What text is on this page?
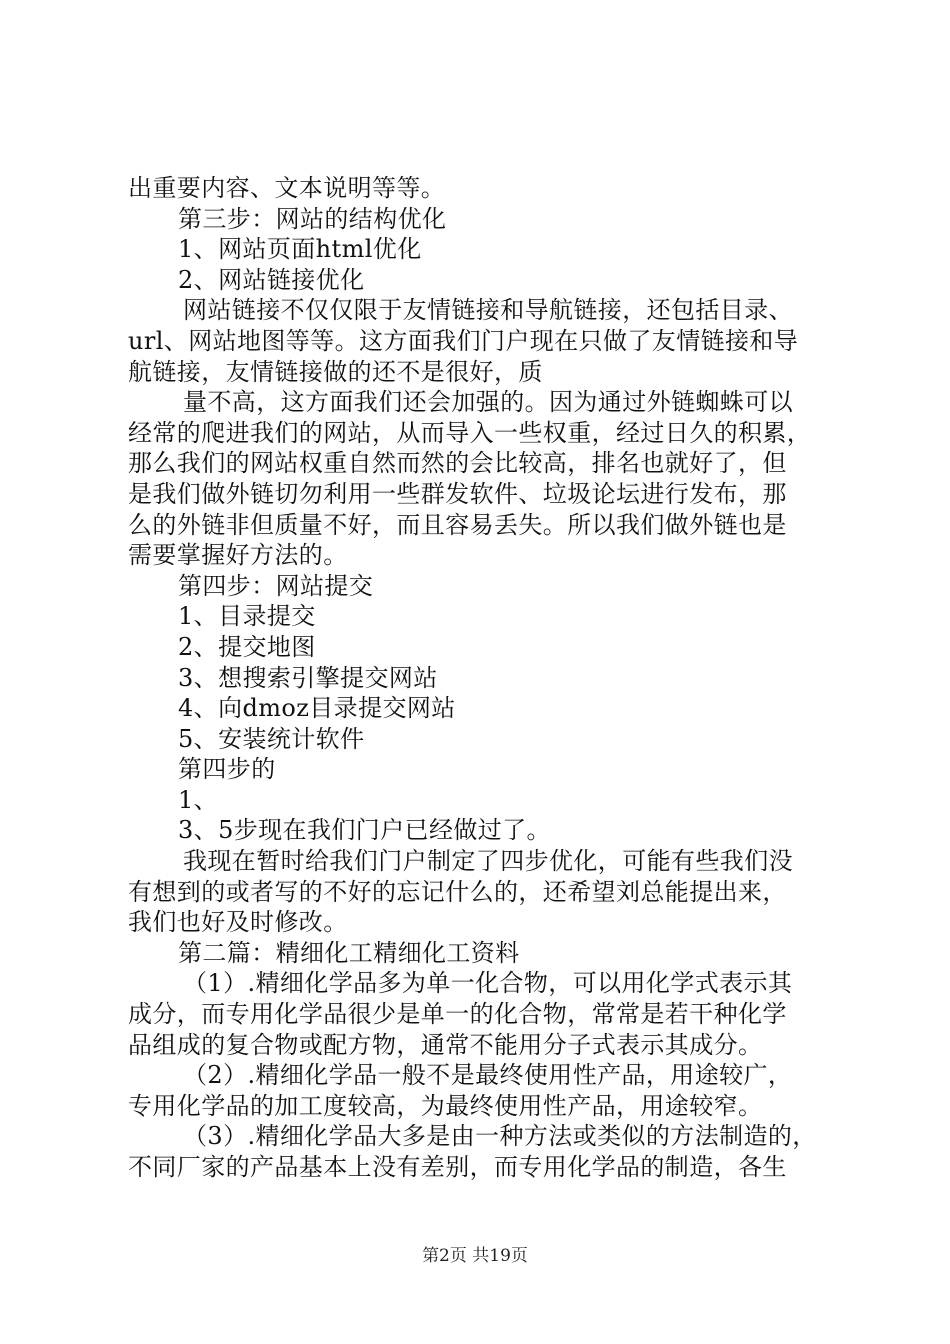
出重要内容、文本说明等等。
第三步：网站的结构优化
1、网站页面html优化
2、网站链接优化
网站链接不仅仅限于友情链接和导航链接，还包括目录、
url、网站地图等等。这方面我们门户现在只做了友情链接和导
航链接，友情链接做的还不是很好，质
量不高，这方面我们还会加强的。因为通过外链蜘蛛可以
经常的爬进我们的网站，从而导入一些权重，经过日久的积累，
那么我们的网站权重自然而然的会比较高，排名也就好了，但
是我们做外链切勿利用一些群发软件、垃圾论坛进行发布，那
么的外链非但质量不好，而且容易丢失。所以我们做外链也是
需要掌握好方法的。
第四步：网站提交
1、目录提交
2、提交地图
3、想搜索引擎提交网站
4、向dmoz目录提交网站
5、安装统计软件
第四步的
1、
3、5步现在我们门户已经做过了。
我现在暂时给我们门户制定了四步优化，可能有些我们没
有想到的或者写的不好的忘记什么的，还希望刘总能提出来，
我们也好及时修改。
第二篇：精细化工精细化工资料
（1）.精细化学品多为单一化合物，可以用化学式表示其
成分，而专用化学品很少是单一的化合物，常常是若干种化学
品组成的复合物或配方物，通常不能用分子式表示其成分。
（2）.精细化学品一般不是最终使用性产品，用途较广，
专用化学品的加工度较高，为最终使用性产品，用途较窄。
（3）.精细化学品大多是由一种方法或类似的方法制造的，
不同厂家的产品基本上没有差别，而专用化学品的制造，各生
第2页 共19页
